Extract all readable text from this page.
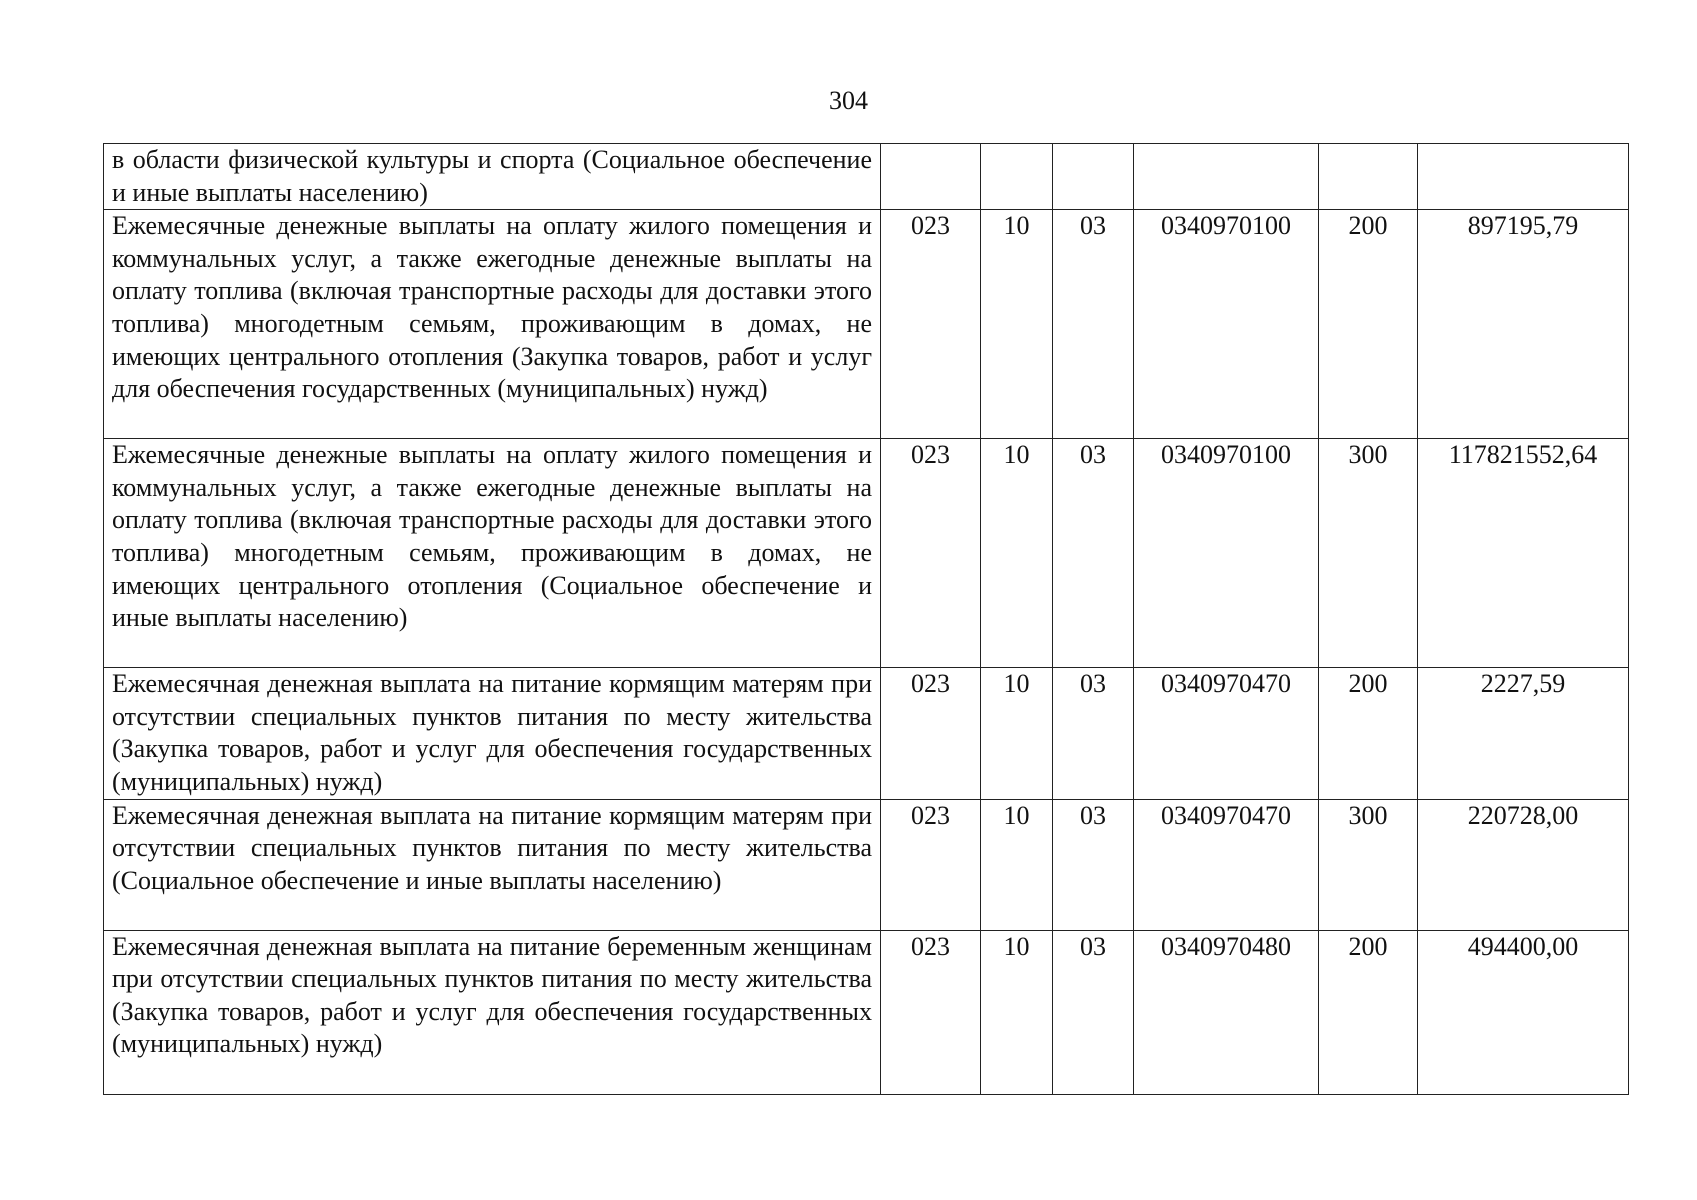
304
в области физической культуры и спорта (Социальное обеспечение и иные выплаты населению)						
Ежемесячные денежные выплаты на оплату жилого помещения и коммунальных услуг, а также ежегодные денежные выплаты на оплату топлива (включая транспортные расходы для доставки этого топлива) многодетным семьям, проживающим в домах, не имеющих центрального отопления (Закупка товаров, работ и услуг для обеспечения государственных (муниципальных) нужд)	023	10	03	0340970100	200	897195,79
Ежемесячные денежные выплаты на оплату жилого помещения и коммунальных услуг, а также ежегодные денежные выплаты на оплату топлива (включая транспортные расходы для доставки этого топлива) многодетным семьям, проживающим в домах, не имеющих центрального отопления (Социальное обеспечение и иные выплаты населению)	023	10	03	0340970100	300	117821552,64
Ежемесячная денежная выплата на питание кормящим матерям при отсутствии специальных пунктов питания по месту жительства (Закупка товаров, работ и услуг для обеспечения государственных (муниципальных) нужд)	023	10	03	0340970470	200	2227,59
Ежемесячная денежная выплата на питание кормящим матерям при отсутствии специальных пунктов питания по месту жительства (Социальное обеспечение и иные выплаты населению)	023	10	03	0340970470	300	220728,00
Ежемесячная денежная выплата на питание беременным женщинам при отсутствии специальных пунктов питания по месту жительства (Закупка товаров, работ и услуг для обеспечения государственных (муниципальных) нужд)	023	10	03	0340970480	200	494400,00
